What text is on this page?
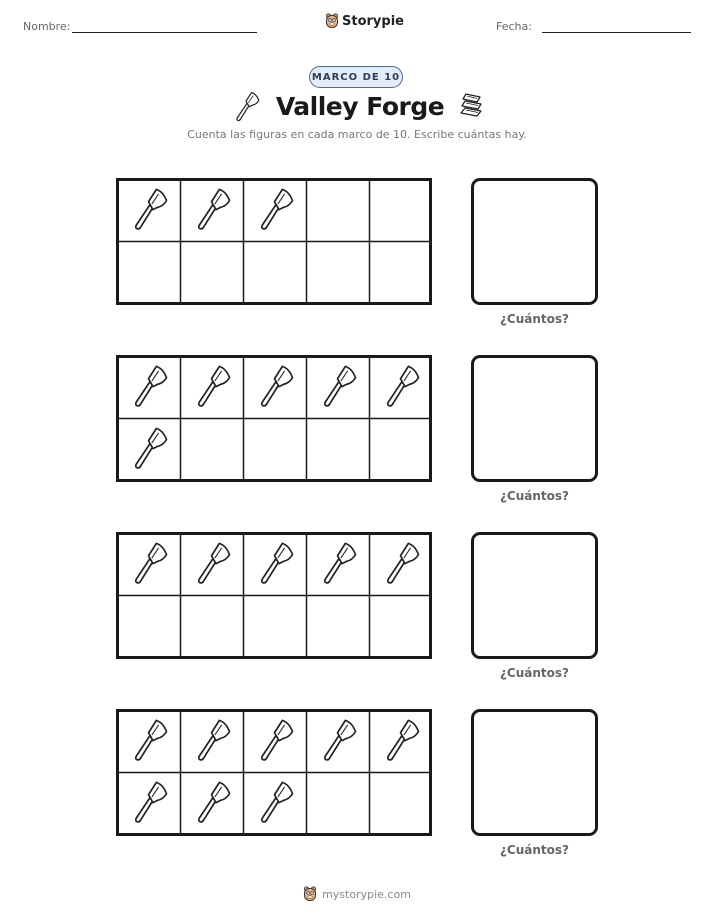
Nombre:	Storypie	Fecha:
MARCO DE 10
Valley Forge
Cuenta las figuras en cada marco de 10. Escribe cuántas hay.
¿Cuántos?
¿Cuántos?
¿Cuántos?
¿Cuántos?
mystorypie.com
